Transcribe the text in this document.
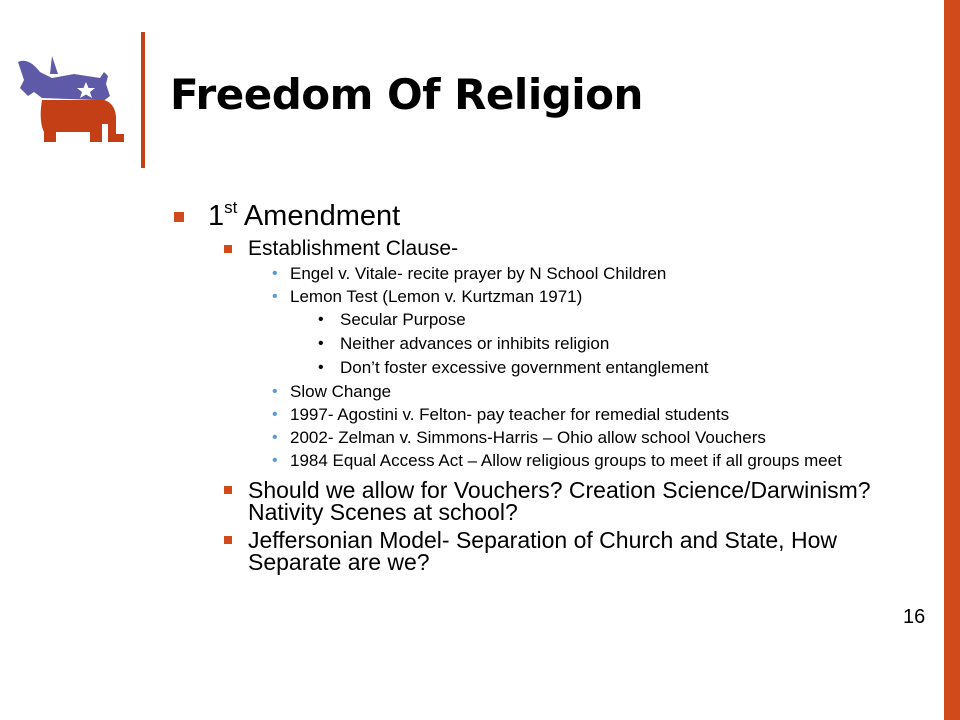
apgov
Freedom Of Religion
1st Amendment
Establishment Clause-
• Engel v. Vitale- recite prayer by N School Children
• Lemon Test (Lemon v. Kurtzman 1971)
• Secular Purpose
• Neither advances or inhibits religion
• Don’t foster excessive government entanglement
• Slow Change
• 1997- Agostini v. Felton- pay teacher for remedial students
• 2002- Zelman v. Simmons-Harris – Ohio allow school Vouchers
• 1984 Equal Access Act – Allow religious groups to meet if all groups meet
Should we allow for Vouchers? Creation Science/Darwinism? Nativity Scenes at school?
Jeffersonian Model- Separation of Church and State, How Separate are we?
16
